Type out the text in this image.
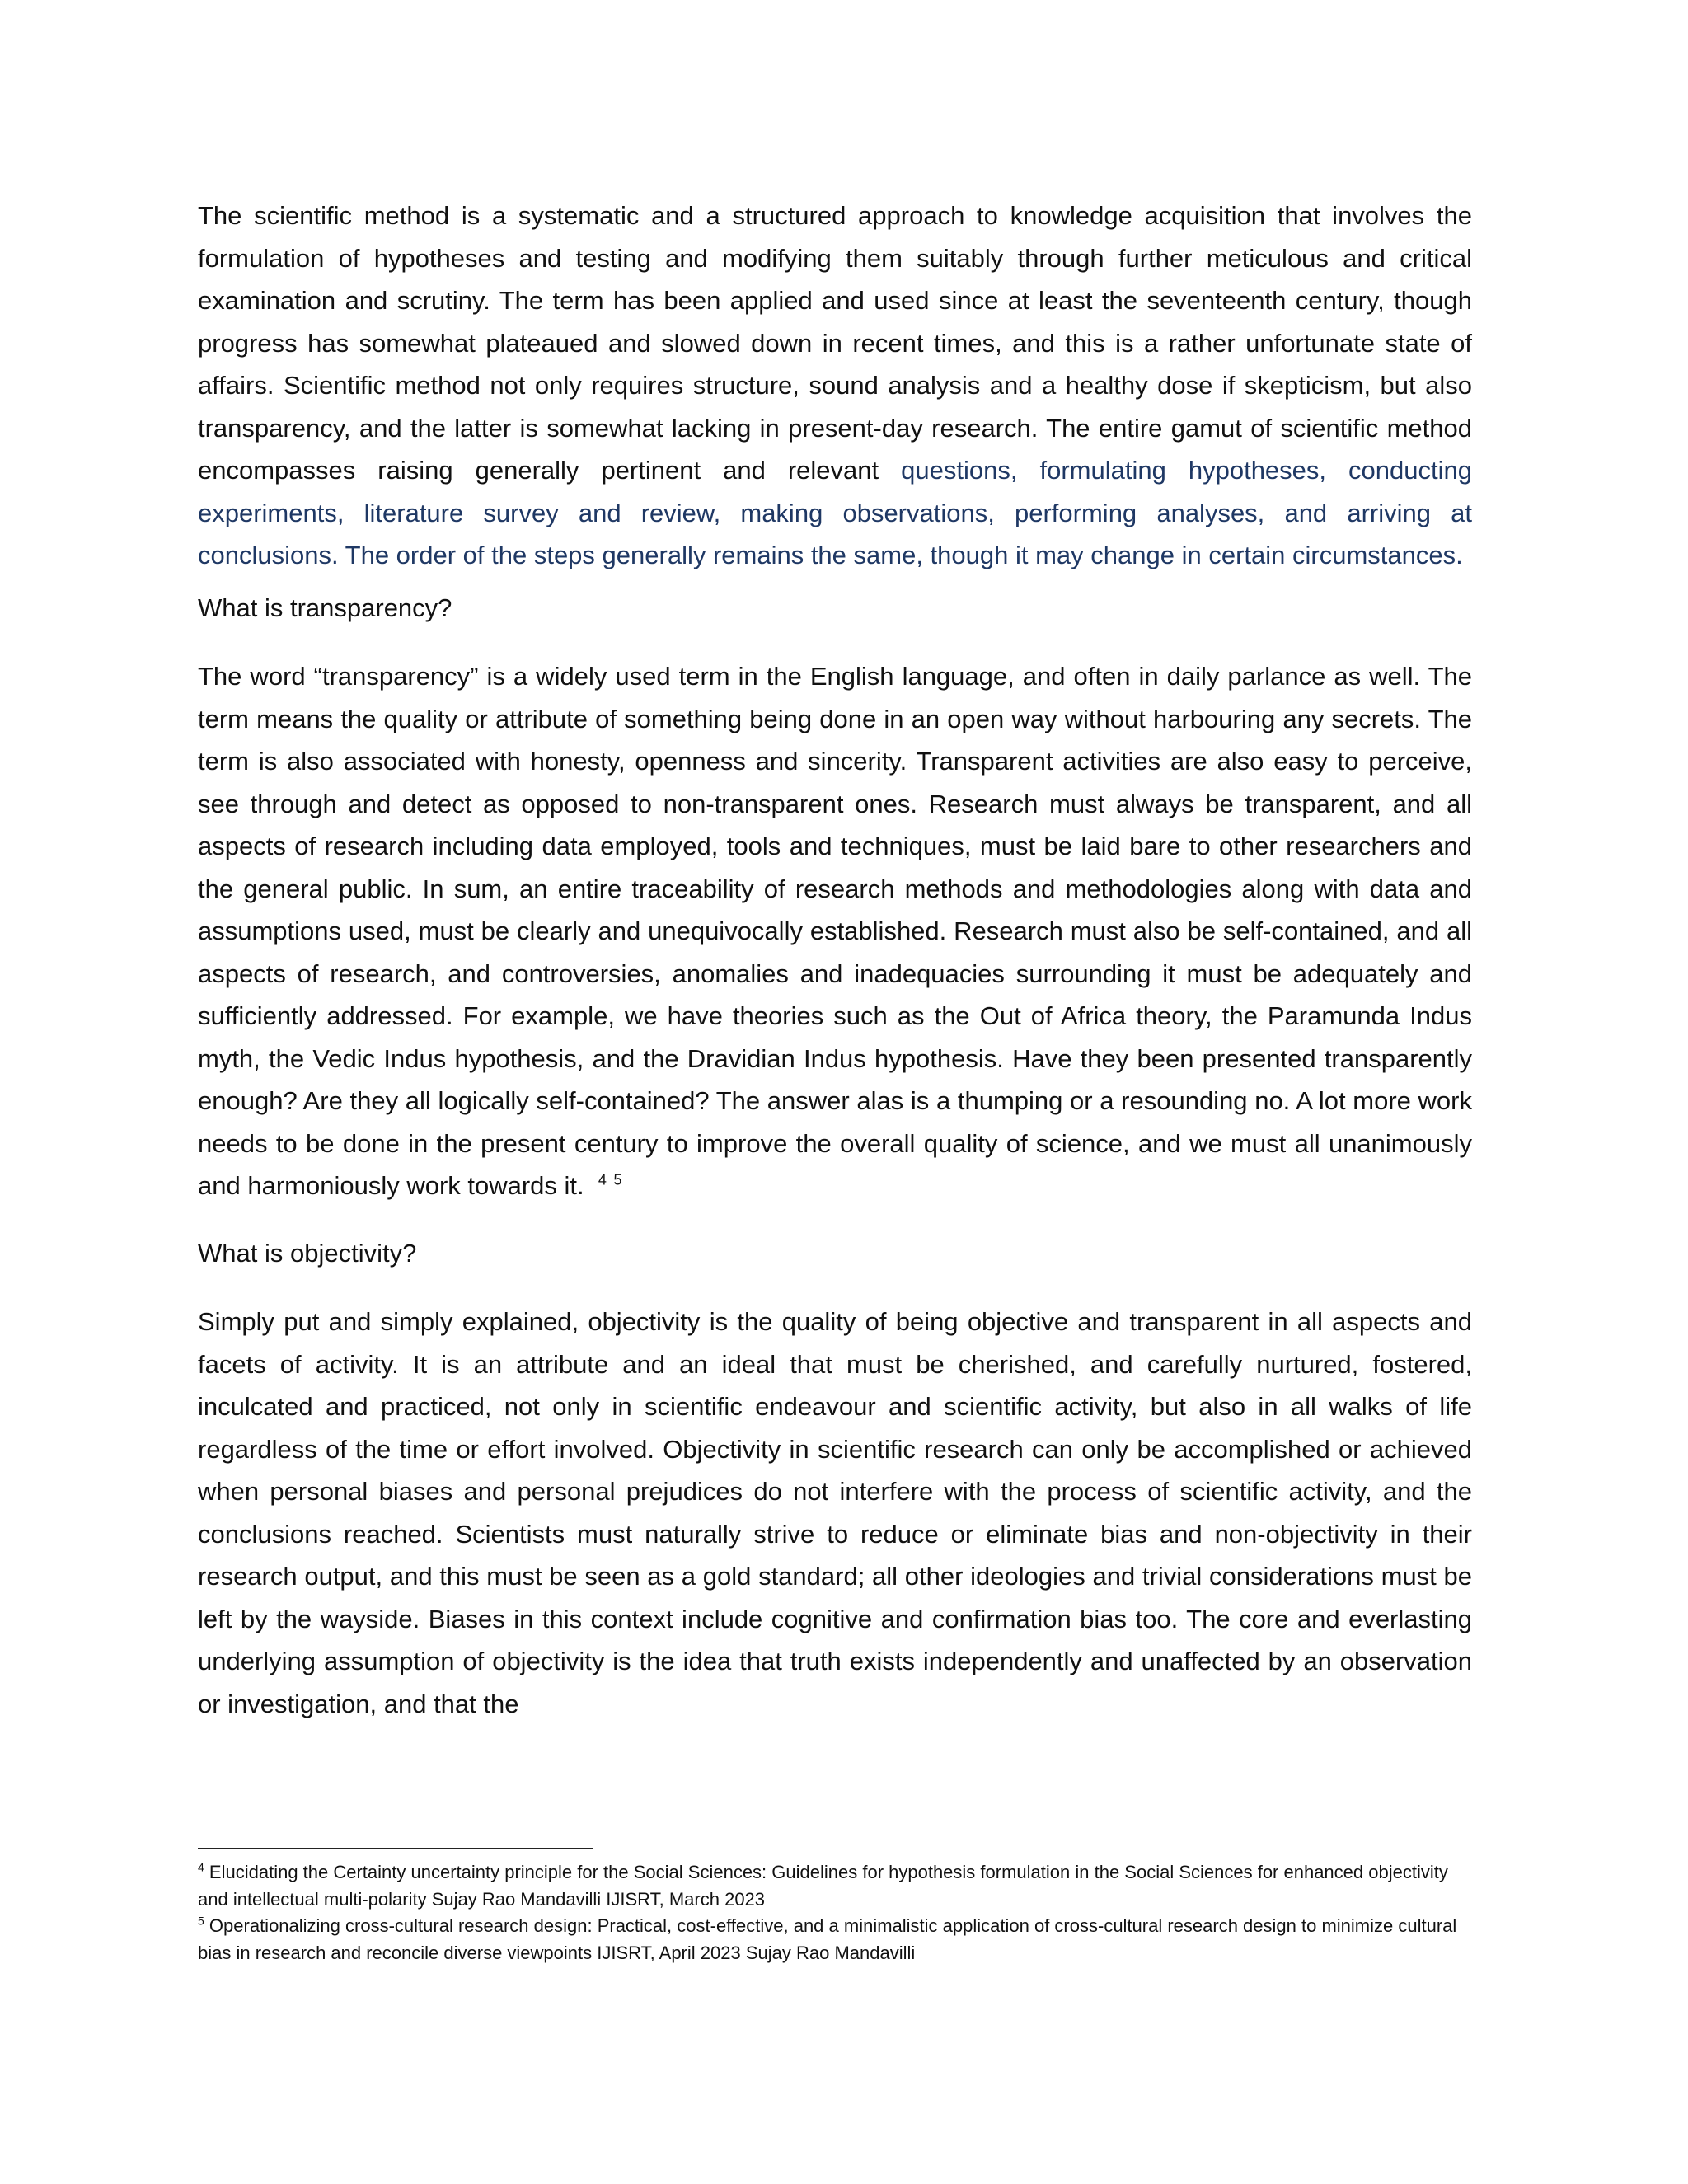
The scientific method is a systematic and a structured approach to knowledge acquisition that involves the formulation of hypotheses and testing and modifying them suitably through further meticulous and critical examination and scrutiny. The term has been applied and used since at least the seventeenth century, though progress has somewhat plateaued and slowed down in recent times, and this is a rather unfortunate state of affairs. Scientific method not only requires structure, sound analysis and a healthy dose if skepticism, but also transparency, and the latter is somewhat lacking in present-day research. The entire gamut of scientific method encompasses raising generally pertinent and relevant questions, formulating hypotheses, conducting experiments, literature survey and review, making observations, performing analyses, and arriving at conclusions. The order of the steps generally remains the same, though it may change in certain circumstances.

What is transparency?

The word “transparency” is a widely used term in the English language, and often in daily parlance as well. The term means the quality or attribute of something being done in an open way without harbouring any secrets. The term is also associated with honesty, openness and sincerity. Transparent activities are also easy to perceive, see through and detect as opposed to non-transparent ones. Research must always be transparent, and all aspects of research including data employed, tools and techniques, must be laid bare to other researchers and the general public. In sum, an entire traceability of research methods and methodologies along with data and assumptions used, must be clearly and unequivocally established. Research must also be self-contained, and all aspects of research, and controversies, anomalies and inadequacies surrounding it must be adequately and sufficiently addressed. For example, we have theories such as the Out of Africa theory, the Paramunda Indus myth, the Vedic Indus hypothesis, and the Dravidian Indus hypothesis. Have they been presented transparently enough? Are they all logically self-contained? The answer alas is a thumping or a resounding no. A lot more work needs to be done in the present century to improve the overall quality of science, and we must all unanimously and harmoniously work towards it. $^4$ $^5$

What is objectivity?

Simply put and simply explained, objectivity is the quality of being objective and transparent in all aspects and facets of activity. It is an attribute and an ideal that must be cherished, and carefully nurtured, fostered, inculcated and practiced, not only in scientific endeavour and scientific activity, but also in all walks of life regardless of the time or effort involved. Objectivity in scientific research can only be accomplished or achieved when personal biases and personal prejudices do not interfere with the process of scientific activity, and the conclusions reached. Scientists must naturally strive to reduce or eliminate bias and non-objectivity in their research output, and this must be seen as a gold standard; all other ideologies and trivial considerations must be left by the wayside. Biases in this context include cognitive and confirmation bias too. The core and everlasting underlying assumption of objectivity is the idea that truth exists independently and unaffected by an observation or investigation, and that the

$^4$ Elucidating the Certainty uncertainty principle for the Social Sciences: Guidelines for hypothesis formulation in the Social Sciences for enhanced objectivity and intellectual multi-polarity Sujay Rao Mandavilli IJISRT, March 2023

$^5$ Operationalizing cross-cultural research design: Practical, cost-effective, and a minimalistic application of cross-cultural research design to minimize cultural bias in research and reconcile diverse viewpoints IJISRT, April 2023 Sujay Rao Mandavilli
